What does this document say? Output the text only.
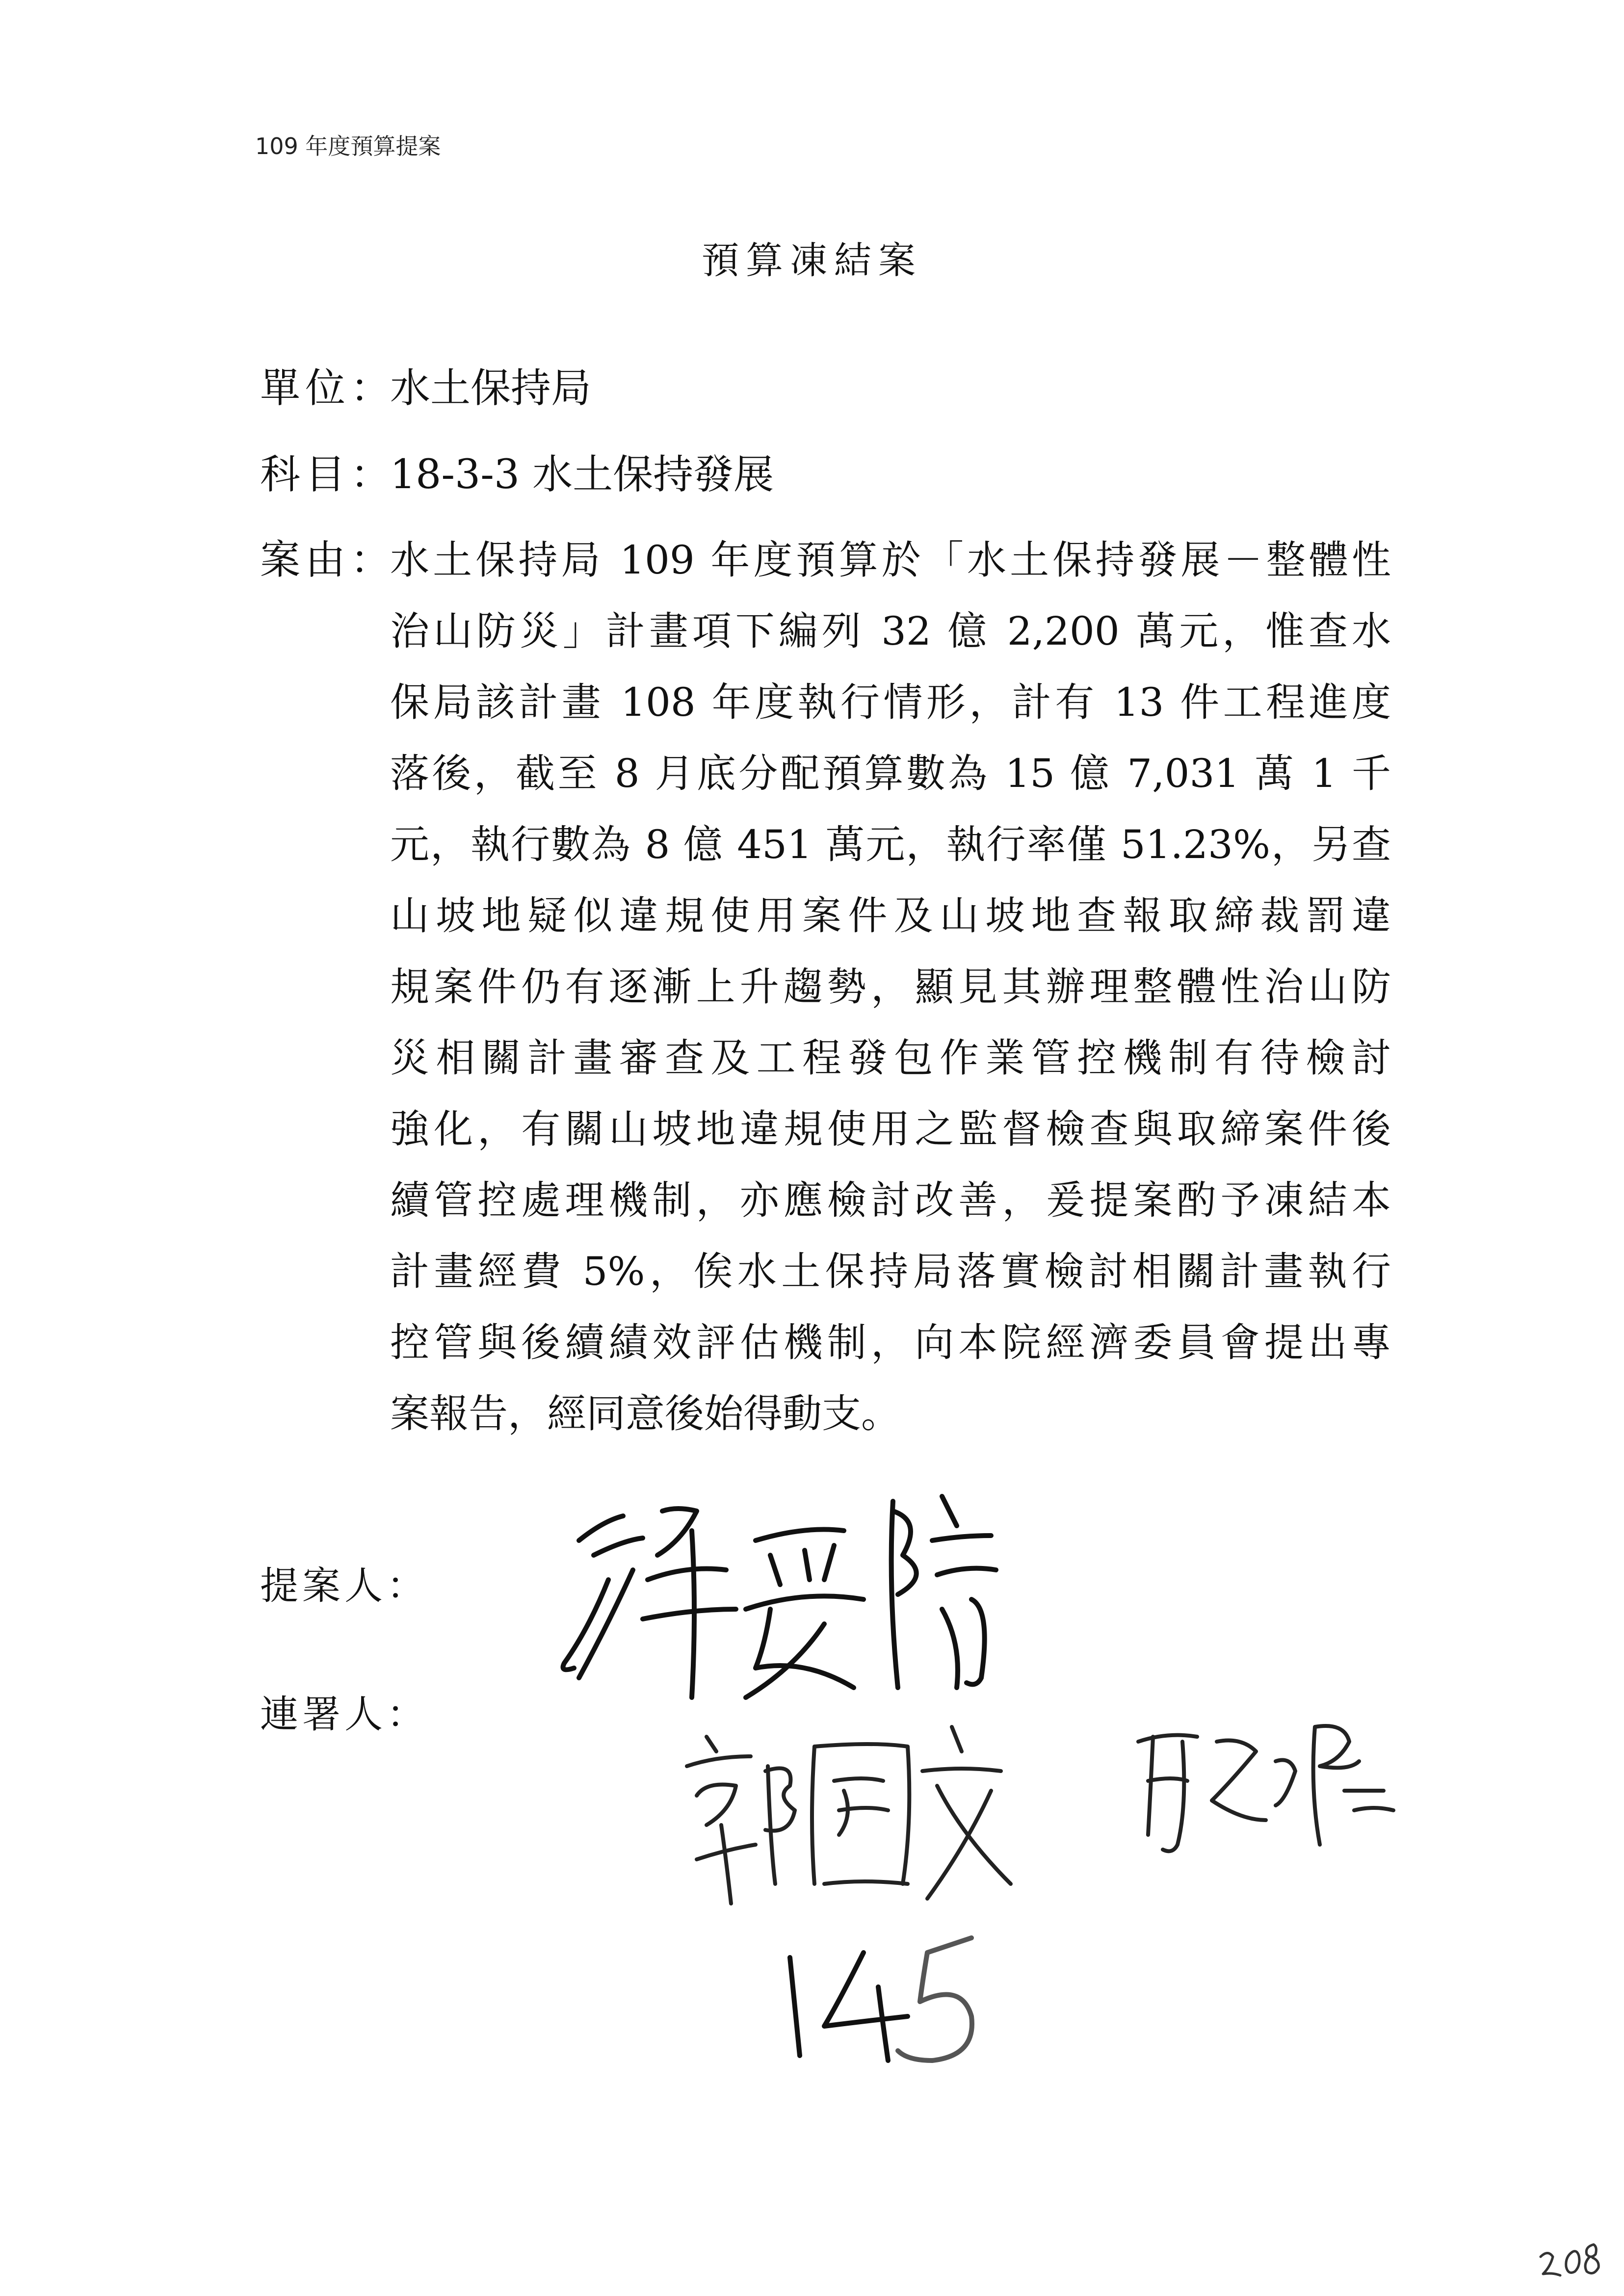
109 年度預算提案
預算凍結案
單位：水土保持局
科目：18-3-3 水土保持發展
案由：
水土保持局 109 年度預算於「水土保持發展－整體性
治山防災」計畫項下編列 32 億 2,200 萬元，惟查水
保局該計畫 108 年度執行情形，計有 13 件工程進度
落後，截至 8 月底分配預算數為 15 億 7,031 萬 1 千
元，執行數為 8 億 451 萬元，執行率僅 51.23%，另查
山坡地疑似違規使用案件及山坡地查報取締裁罰違
規案件仍有逐漸上升趨勢，顯見其辦理整體性治山防
災相關計畫審查及工程發包作業管控機制有待檢討
強化，有關山坡地違規使用之監督檢查與取締案件後
續管控處理機制，亦應檢討改善，爰提案酌予凍結本
計畫經費 5%，俟水土保持局落實檢討相關計畫執行
控管與後續績效評估機制，向本院經濟委員會提出專
案報告，經同意後始得動支。
提案人：
連署人：
